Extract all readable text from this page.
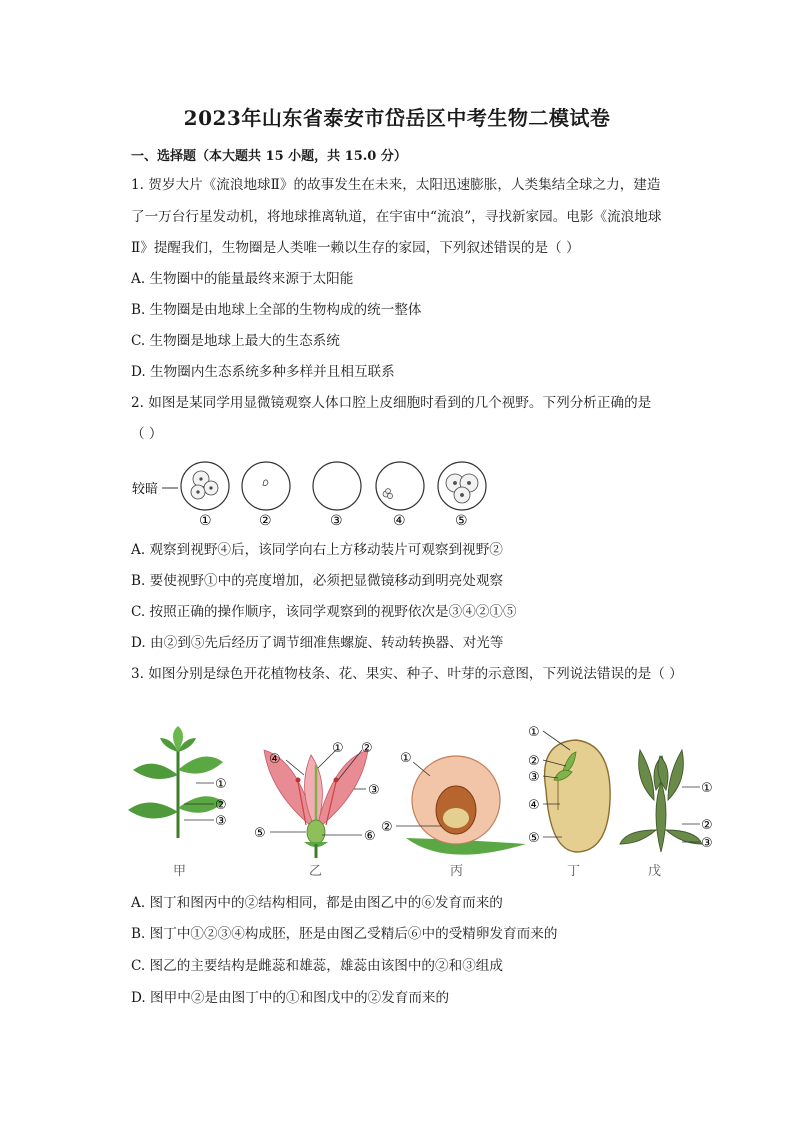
2023年山东省泰安市岱岳区中考生物二模试卷
一、选择题（本大题共 15 小题，共 15.0 分）
1. 贺岁大片《流浪地球Ⅱ》的故事发生在未来，太阳迅速膨胀，人类集结全球之力，建造
了一万台行星发动机，将地球推离轨道，在宇宙中“流浪”，寻找新家园。电影《流浪地球
Ⅱ》提醒我们，生物圈是人类唯一赖以生存的家园，下列叙述错误的是（ ）
A. 生物圈中的能量最终来源于太阳能
B. 生物圈是由地球上全部的生物构成的统一整体
C. 生物圈是地球上最大的生态系统
D. 生物圈内生态系统多种多样并且相互联系
2. 如图是某同学用显微镜观察人体口腔上皮细胞时看到的几个视野。下列分析正确的是
（ ）
较暗
①	②	③	④	⑤
A. 观察到视野④后，该同学向右上方移动装片可观察到视野②
B. 要使视野①中的亮度增加，必须把显微镜移动到明亮处观察
C. 按照正确的操作顺序，该同学观察到的视野依次是③④②①⑤
D. 由②到⑤先后经历了调节细准焦螺旋、转动转换器、对光等
3. 如图分别是绿色开花植物枝条、花、果实、种子、叶芽的示意图，下列说法错误的是（ ）
①
②
③
甲
④
① ②
③
⑤	⑥
乙
①
②
丙
①
②
③
④
⑤
丁
①
②
③
戊
A. 图丁和图丙中的②结构相同，都是由图乙中的⑥发育而来的
B. 图丁中①②③④构成胚，胚是由图乙受精后⑥中的受精卵发育而来的
C. 图乙的主要结构是雌蕊和雄蕊，雄蕊由该图中的②和③组成
D. 图甲中②是由图丁中的①和图戊中的②发育而来的
